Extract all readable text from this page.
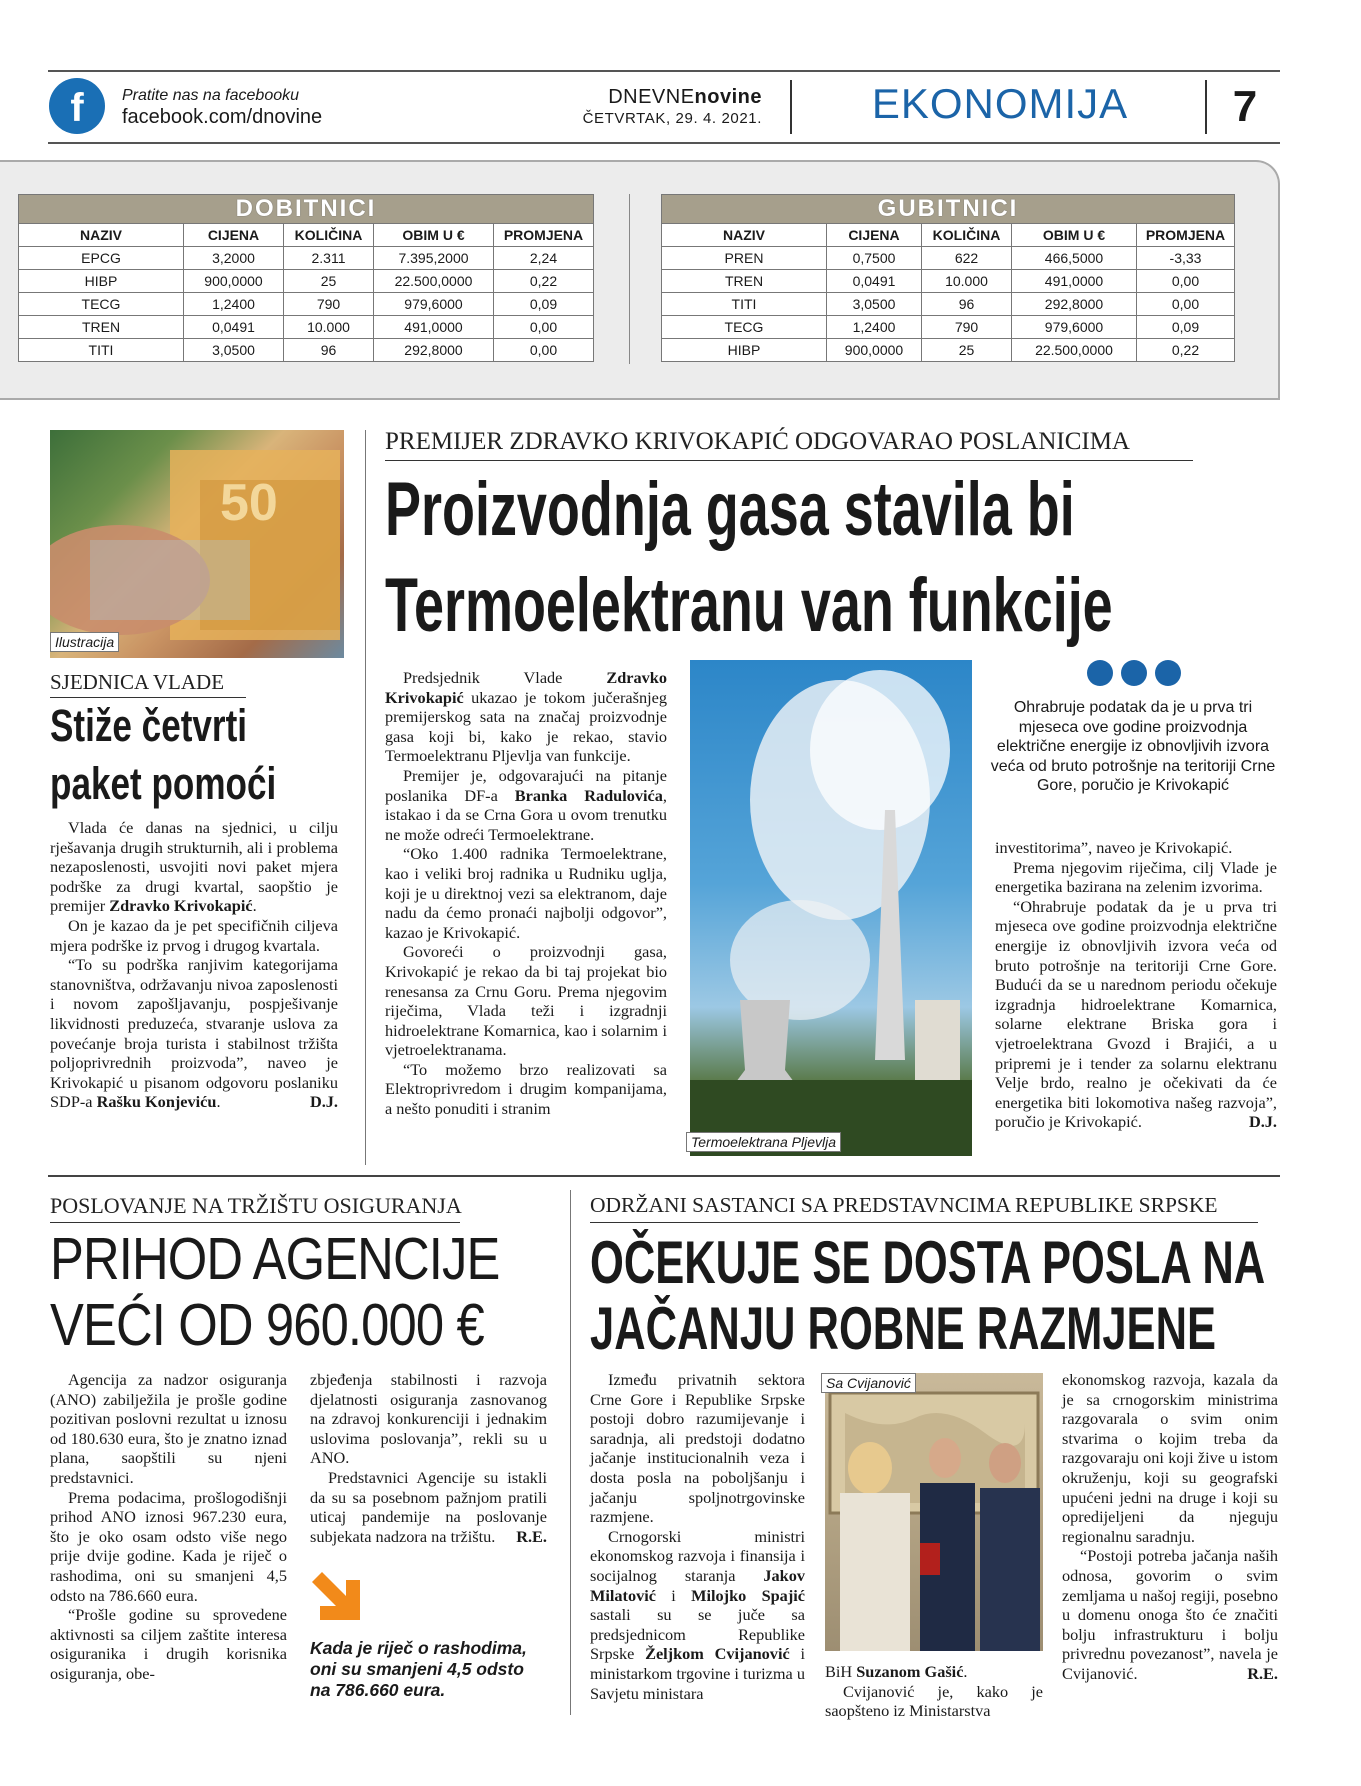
f	Pratite nas na facebooku
facebook.com/dnovine
DNEVNEnovine
ČETVRTAK, 29. 4. 2021.	EKONOMIJA	7
DOBITNICI				
NAZIV	CIJENA	KOLIČINA	OBIM U €	PROMJENA
EPCG	3,2000	2.311	7.395,2000	2,24
HIBP	900,0000	25	22.500,0000	0,22
TECG	1,2400	790	979,6000	0,09
TREN	0,0491	10.000	491,0000	0,00
TITI	3,0500	96	292,8000	0,00
GUBITNICI				
NAZIV	CIJENA	KOLIČINA	OBIM U €	PROMJENA
PREN	0,7500	622	466,5000	-3,33
TREN	0,0491	10.000	491,0000	0,00
TITI	3,0500	96	292,8000	0,00
TECG	1,2400	790	979,6000	0,09
HIBP	900,0000	25	22.500,0000	0,22
50
Ilustracija
SJEDNICA VLADE
Stiže četvrti
paket pomoći

Vlada će danas na sjednici, u cilju rješavanja drugih strukturnih, ali i problema nezaposlenosti, usvojiti novi paket mjera podrške za drugi kvartal, saopštio je premijer Zdravko Krivokapić.

On je kazao da je pet specifičnih ciljeva mjera podrške iz prvog i drugog kvartala.

“To su podrška ranjivim kategorijama stanovništva, održavanju nivoa zaposlenosti i novom zapošljavanju, pospješivanje likvidnosti preduzeća, stvaranje uslova za povećanje broja turista i stabilnost tržišta poljoprivrednih proizvoda”, naveo je Krivokapić u pisanom odgovoru poslaniku SDP-a Rašku Konjeviću.	D.J.

PREMIJER ZDRAVKO KRIVOKAPIĆ ODGOVARAO POSLANICIMA
Proizvodnja gasa stavila bi
Termoelektranu van funkcije

Predsjednik Vlade Zdravko Krivokapić ukazao je tokom jučerašnjeg premijerskog sata na značaj proizvodnje gasa koji bi, kako je rekao, stavio Termoelektranu Pljevlja van funkcije.

Premijer je, odgovarajući na pitanje poslanika DF-a Branka Radulovića, istakao i da se Crna Gora u ovom trenutku ne može odreći Termoelektrane.

“Oko 1.400 radnika Termoelektrane, kao i veliki broj radnika u Rudniku uglja, koji je u direktnoj vezi sa elektranom, daje nadu da ćemo pronaći najbolji odgovor”, kazao je Krivokapić.

Govoreći o proizvodnji gasa, Krivokapić je rekao da bi taj projekat bio renesansa za Crnu Goru. Prema njegovim riječima, Vlada teži i izgradnji hidroelektrane Komarnica, kao i solarnim i vjetroelektranama.

“To možemo brzo realizovati sa Elektroprivredom i drugim kompanijama, a nešto ponuditi i stranim

Termoelektrana Pljevlja
Ohrabruje podatak da je u prva tri mjeseca ove godine proizvodnja električne energije iz obnovljivih izvora veća od bruto potrošnje na teritoriji Crne Gore, poručio je Krivokapić

investitorima”, naveo je Krivokapić.

Prema njegovim riječima, cilj Vlade je energetika bazirana na zelenim izvorima.

“Ohrabruje podatak da je u prva tri mjeseca ove godine proizvodnja električne energije iz obnovljivih izvora veća od bruto potrošnje na teritoriji Crne Gore. Budući da se u narednom periodu očekuje izgradnja hidroelektrane Komarnica, solarne elektrane Briska gora i vjetroelektrana Gvozd i Brajići, a u pripremi je i tender za solarnu elektranu Velje brdo, realno je očekivati da će energetika biti lokomotiva našeg razvoja”, poručio je Krivokapić.	D.J.

POSLOVANJE NA TRŽIŠTU OSIGURANJA
PRIHOD AGENCIJE
VEĆI OD 960.000 €

Agencija za nadzor osiguranja (ANO) zabilježila je prošle godine pozitivan poslovni rezultat u iznosu od 180.630 eura, što je znatno iznad plana, saopštili su njeni predstavnici.

Prema podacima, prošlogodišnji prihod ANO iznosi 967.230 eura, što je oko osam odsto više nego prije dvije godine. Kada je riječ o rashodima, oni su smanjeni 4,5 odsto na 786.660 eura.

“Prošle godine su sprovedene aktivnosti sa ciljem zaštite interesa osiguranika i drugih korisnika osiguranja, obe-

zbjeđenja stabilnosti i razvoja djelatnosti osiguranja zasnovanog na zdravoj konkurenciji i jednakim uslovima poslovanja”, rekli su u ANO.

Predstavnici Agencije su istakli da su sa posebnom pažnjom pratili uticaj pandemije na poslovanje subjekata nadzora na tržištu.	R.E.

Kada je riječ o rashodima, oni su smanjeni 4,5 odsto na 786.660 eura.
ODRŽANI SASTANCI SA PREDSTAVNCIMA REPUBLIKE SRPSKE
OČEKUJE SE DOSTA POSLA NA
JAČANJU ROBNE RAZMJENE

Između privatnih sektora Crne Gore i Republike Srpske postoji dobro razumijevanje i saradnja, ali predstoji dodatno jačanje institucionalnih veza i dosta posla na poboljšanju i jačanju spoljnotrgovinske razmjene.

Crnogorski ministri ekonomskog razvoja i finansija i socijalnog staranja Jakov Milatović i Milojko Spajić sastali su se juče sa predsjednicom Republike Srpske Željkom Cvijanović i ministarkom trgovine i turizma u Savjetu ministara

Sa Cvijanović

BiH Suzanom Gašić.

Cvijanović je, kako je saopšteno iz Ministarstva

ekonomskog razvoja, kazala da je sa crnogorskim ministrima razgovarala o svim onim stvarima o kojim treba da razgovaraju oni koji žive u istom okruženju, koji su geografski upućeni jedni na druge i koji su opredijeljeni da njeguju regionalnu saradnju.

“Postoji potreba jačanja naših odnosa, govorim o svim zemljama u našoj regiji, posebno u domenu onoga što će značiti bolju infrastrukturu i bolju privrednu povezanost”, navela je Cvijanović.	R.E.
